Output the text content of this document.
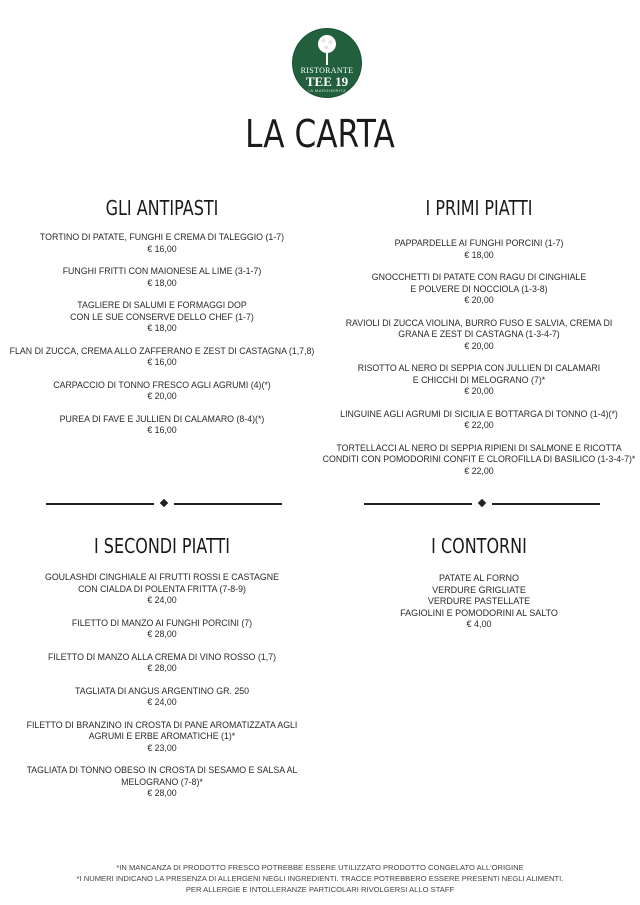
RISTORANTE
TEE 19
LA MARGHERITA
LA CARTA
GLI ANTIPASTI
TORTINO DI PATATE, FUNGHI E CREMA DI TALEGGIO (1-7)
€ 16,00
FUNGHI FRITTI CON MAIONESE AL LIME (3-1-7)
€ 18,00
TAGLIERE DI SALUMI E FORMAGGI DOP
CON LE SUE CONSERVE DELLO CHEF (1-7)
€ 18,00
FLAN DI ZUCCA, CREMA ALLO ZAFFERANO E ZEST DI CASTAGNA (1,7,8)
€ 16,00
CARPACCIO DI TONNO FRESCO AGLI AGRUMI (4)(*)
€ 20,00
PUREA DI FAVE E JULLIEN DI CALAMARO (8-4)(*)
€ 16,00
I PRIMI PIATTI
PAPPARDELLE AI FUNGHI PORCINI (1-7)
€ 18,00
GNOCCHETTI DI PATATE CON RAGU DI CINGHIALE
E POLVERE DI NOCCIOLA (1-3-8)
€ 20,00
RAVIOLI DI ZUCCA VIOLINA, BURRO FUSO E SALVIA, CREMA DI
GRANA E ZEST DI CASTAGNA (1-3-4-7)
€ 20,00
RISOTTO AL NERO DI SEPPIA CON JULLIEN DI CALAMARI
E CHICCHI DI MELOGRANO (7)*
€ 20,00
LINGUINE AGLI AGRUMI DI SICILIA E BOTTARGA DI TONNO (1-4)(*)
€ 22,00
TORTELLACCI AL NERO DI SEPPIA RIPIENI DI SALMONE E RICOTTA
CONDITI CON POMODORINI CONFIT E CLOROFILLA DI BASILICO (1-3-4-7)*
€ 22,00
I SECONDI PIATTI
GOULASHDI CINGHIALE AI FRUTTI ROSSI E CASTAGNE
CON CIALDA DI POLENTA FRITTA (7-8-9)
€ 24,00
FILETTO DI MANZO AI FUNGHI PORCINI (7)
€ 28,00
FILETTO DI MANZO ALLA CREMA DI VINO ROSSO (1,7)
€ 28,00
TAGLIATA DI ANGUS ARGENTINO GR. 250
€ 24,00
FILETTO DI BRANZINO IN CROSTA DI PANE AROMATIZZATA AGLI
AGRUMI E ERBE AROMATICHE (1)*
€ 23,00
TAGLIATA DI TONNO OBESO IN CROSTA DI SESAMO E SALSA AL
MELOGRANO (7-8)*
€ 28,00
I CONTORNI
PATATE AL FORNO
VERDURE GRIGLIATE
VERDURE PASTELLATE
FAGIOLINI E POMODORINI AL SALTO
€ 4,00
*IN MANCANZA DI PRODOTTO FRESCO POTREBBE ESSERE UTILIZZATO PRODOTTO CONGELATO ALL'ORIGINE
*I NUMERI INDICANO LA PRESENZA DI ALLERGENI NEGLI INGREDIENTI. TRACCE POTREBBERO ESSERE PRESENTI NEGLI ALIMENTI.
PER ALLERGIE E INTOLLERANZE PARTICOLARI RIVOLGERSI ALLO STAFF
